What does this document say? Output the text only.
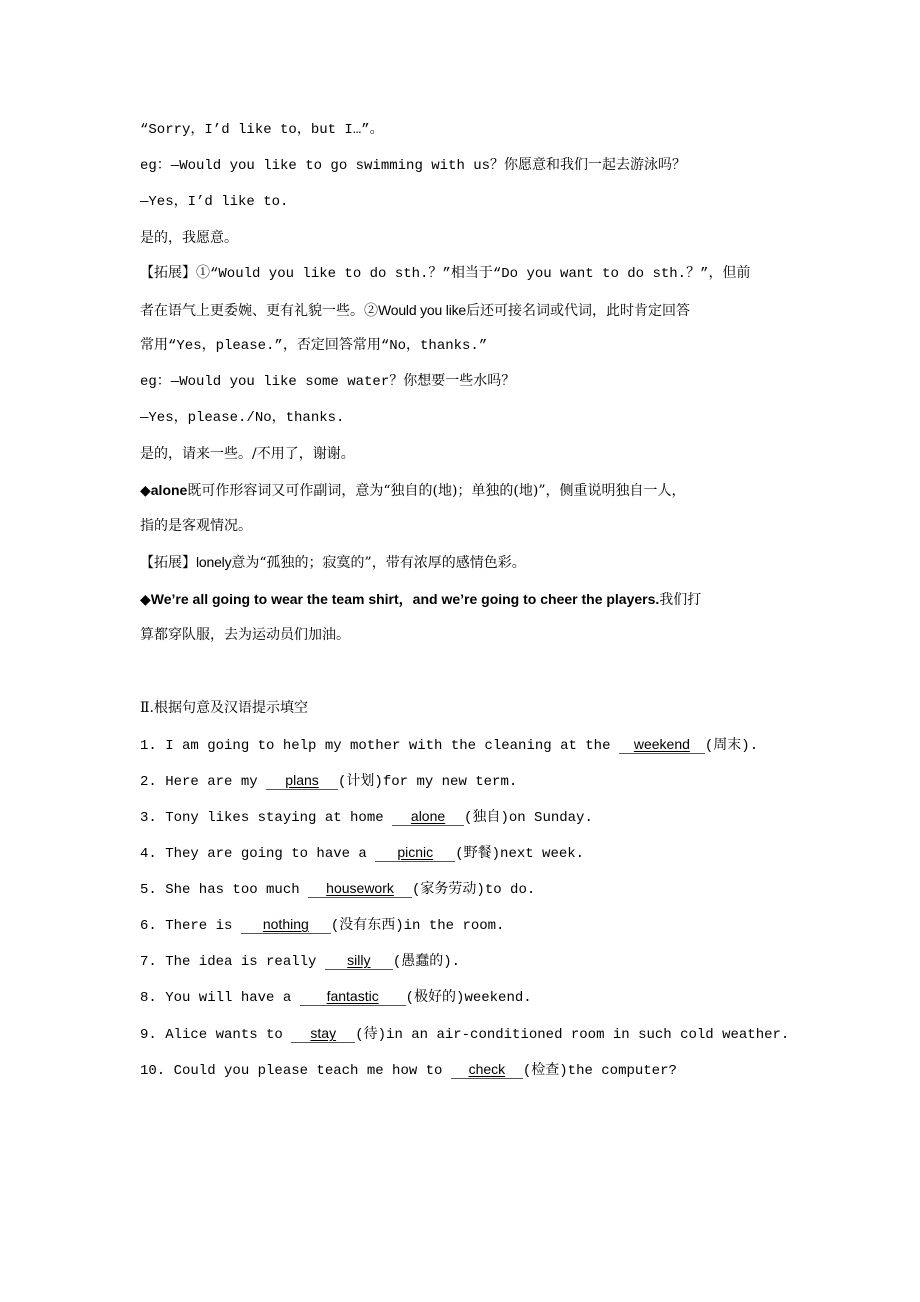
“Sorry，I’d like to，but I…”。
eg：—Would you like to go swimming with us？你愿意和我们一起去游泳吗？
—Yes，I’d like to.
是的，我愿意。
【拓展】①“Would you like to do sth.？”相当于“Do you want to do sth.？”，但前
者在语气上更委婉、更有礼貌一些。②Would you like后还可接名词或代词，此时肯定回答
常用“Yes，please.”，否定回答常用“No，thanks.”
eg：—Would you like some water？你想要一些水吗？
—Yes，please./No，thanks.
是的，请来一些。/不用了，谢谢。
◆alone既可作形容词又可作副词，意为“独自的(地)；单独的(地)”，侧重说明独自一人，
指的是客观情况。
【拓展】lonely意为“孤独的；寂寞的”，带有浓厚的感情色彩。
◆We’re all going to wear the team shirt，and we’re going to cheer the players.我们打
算都穿队服，去为运动员们加油。
Ⅱ.根据句意及汉语提示填空
1. I am going to help my mother with the cleaning at the weekend (周末).
2. Here are my plans (计划)for my new term.
3. Tony likes staying at home alone (独自)on Sunday.
4. They are going to have a picnic (野餐)next week.
5. She has too much housework (家务劳动)to do.
6. There is nothing (没有东西)in the room.
7. The idea is really silly (愚蠢的).
8. You will have a fantastic (极好的)weekend.
9. Alice wants to stay (待)in an air-conditioned room in such cold weather.
10. Could you please teach me how to check (检查)the computer?
